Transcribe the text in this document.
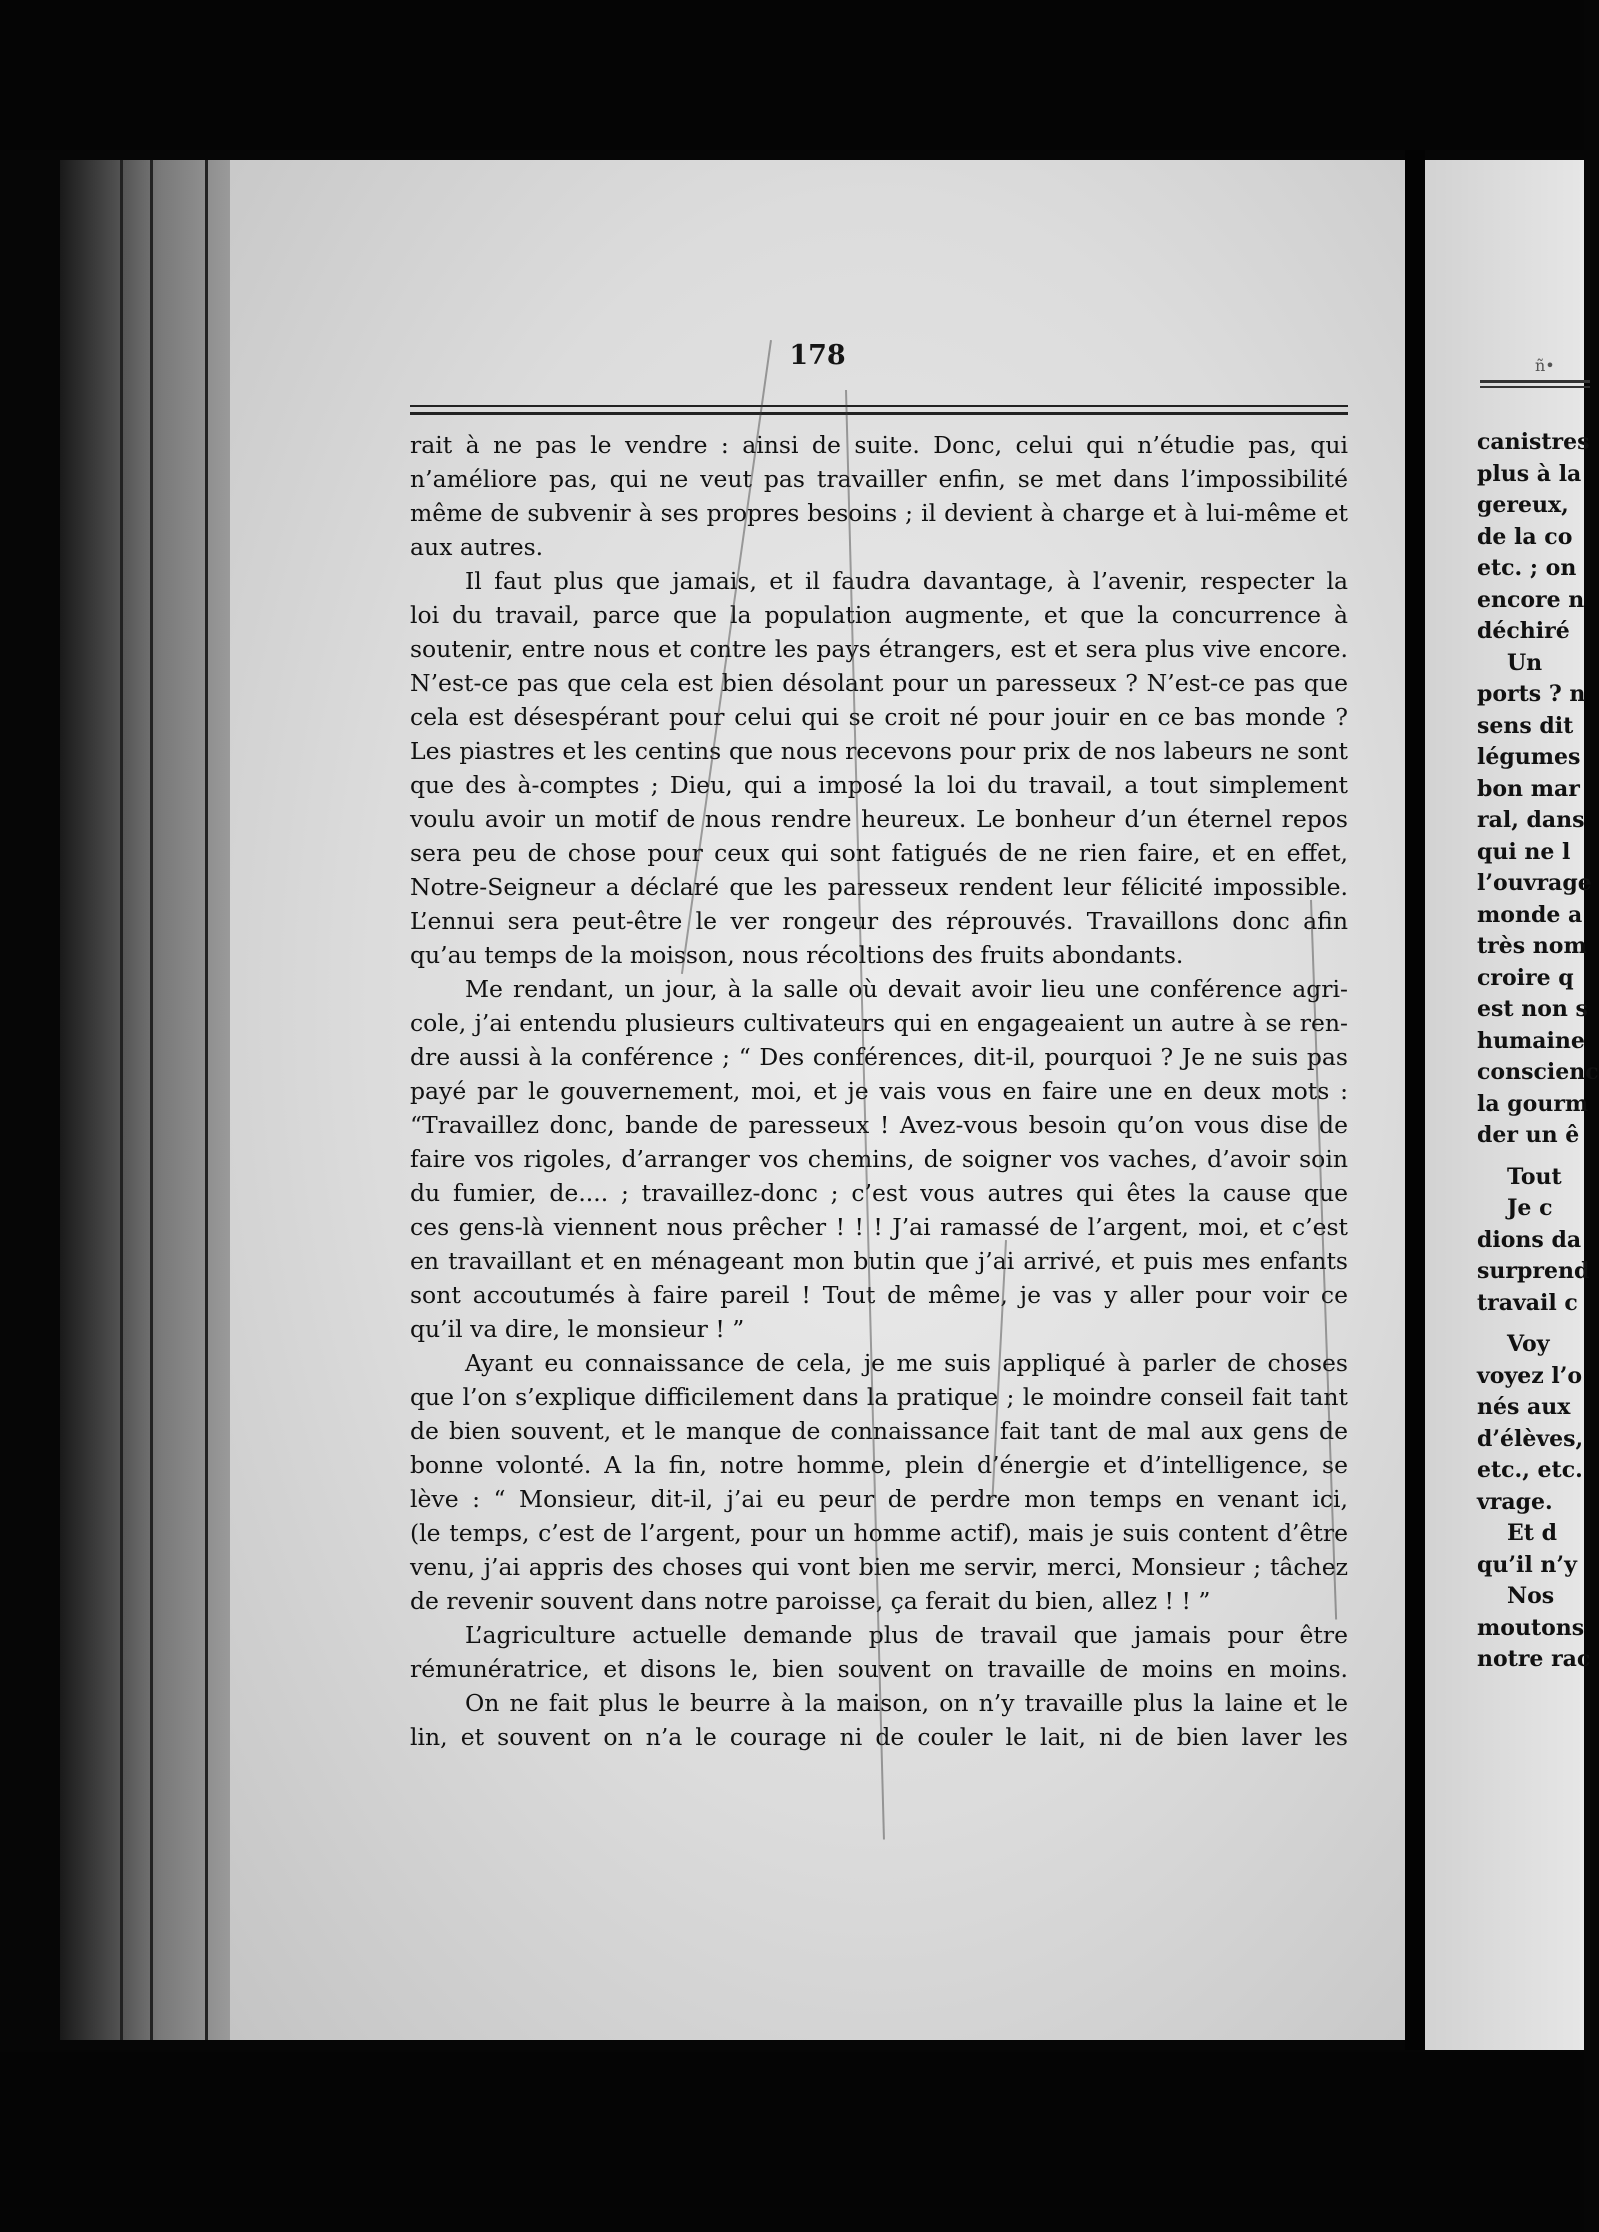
178
rait à ne pas le vendre : ainsi de suite. Donc, celui qui n’étudie pas, qui
n’améliore pas, qui ne veut pas travailler enfin, se met dans l’impossibilité
même de subvenir à ses propres besoins ; il devient à charge et à lui-même et
aux autres.
Il faut plus que jamais, et il faudra davantage, à l’avenir, respecter la
loi du travail, parce que la population augmente, et que la concurrence à
soutenir, entre nous et contre les pays étrangers, est et sera plus vive encore.
N’est-ce pas que cela est bien désolant pour un paresseux ? N’est-ce pas que
cela est désespérant pour celui qui se croit né pour jouir en ce bas monde ?
Les piastres et les centins que nous recevons pour prix de nos labeurs ne sont
que des à-comptes ; Dieu, qui a imposé la loi du travail, a tout simplement
voulu avoir un motif de nous rendre heureux. Le bonheur d’un éternel repos
sera peu de chose pour ceux qui sont fatigués de ne rien faire, et en effet,
Notre-Seigneur a déclaré que les paresseux rendent leur félicité impossible.
L’ennui sera peut-être le ver rongeur des réprouvés. Travaillons donc afin
qu’au temps de la moisson, nous récoltions des fruits abondants.
Me rendant, un jour, à la salle où devait avoir lieu une conférence agri-
cole, j’ai entendu plusieurs cultivateurs qui en engageaient un autre à se ren-
dre aussi à la conférence ; “ Des conférences, dit-il, pourquoi ? Je ne suis pas
payé par le gouvernement, moi, et je vais vous en faire une en deux mots :
“Travaillez donc, bande de paresseux ! Avez-vous besoin qu’on vous dise de
faire vos rigoles, d’arranger vos chemins, de soigner vos vaches, d’avoir soin
du fumier, de.... ; travaillez-donc ; c’est vous autres qui êtes la cause que
ces gens-là viennent nous prêcher ! ! ! J’ai ramassé de l’argent, moi, et c’est
en travaillant et en ménageant mon butin que j’ai arrivé, et puis mes enfants
sont accoutumés à faire pareil ! Tout de même, je vas y aller pour voir ce
qu’il va dire, le monsieur ! ”
Ayant eu connaissance de cela, je me suis appliqué à parler de choses
que l’on s’explique difficilement dans la pratique ; le moindre conseil fait tant
de bien souvent, et le manque de connaissance fait tant de mal aux gens de
bonne volonté. A la fin, notre homme, plein d’énergie et d’intelligence, se
lève : “ Monsieur, dit-il, j’ai eu peur de perdre mon temps en venant ici,
(le temps, c’est de l’argent, pour un homme actif), mais je suis content d’être
venu, j’ai appris des choses qui vont bien me servir, merci, Monsieur ; tâchez
de revenir souvent dans notre paroisse, ça ferait du bien, allez ! ! ”
L’agriculture actuelle demande plus de travail que jamais pour être
rémunératrice, et disons le, bien souvent on travaille de moins en moins.
On ne fait plus le beurre à la maison, on n’y travaille plus la laine et le
lin, et souvent on n’a le courage ni de couler le lait, ni de bien laver les
ñ•
canistres
plus à la
gereux,
de la co
etc. ; on
encore n
déchiré
Un
ports ? n
sens dit
légumes
bon mar
ral, dans
qui ne l
l’ouvrage
monde a
très nom
croire q
est non s
humaine
conscienc
la gourm
der un ê
Tout
Je c
dions da
surprend
travail c
Voy
voyez l’o
nés aux
d’élèves,
etc., etc.
vrage.
Et d
qu’il n’y
Nos
moutons
notre rac
